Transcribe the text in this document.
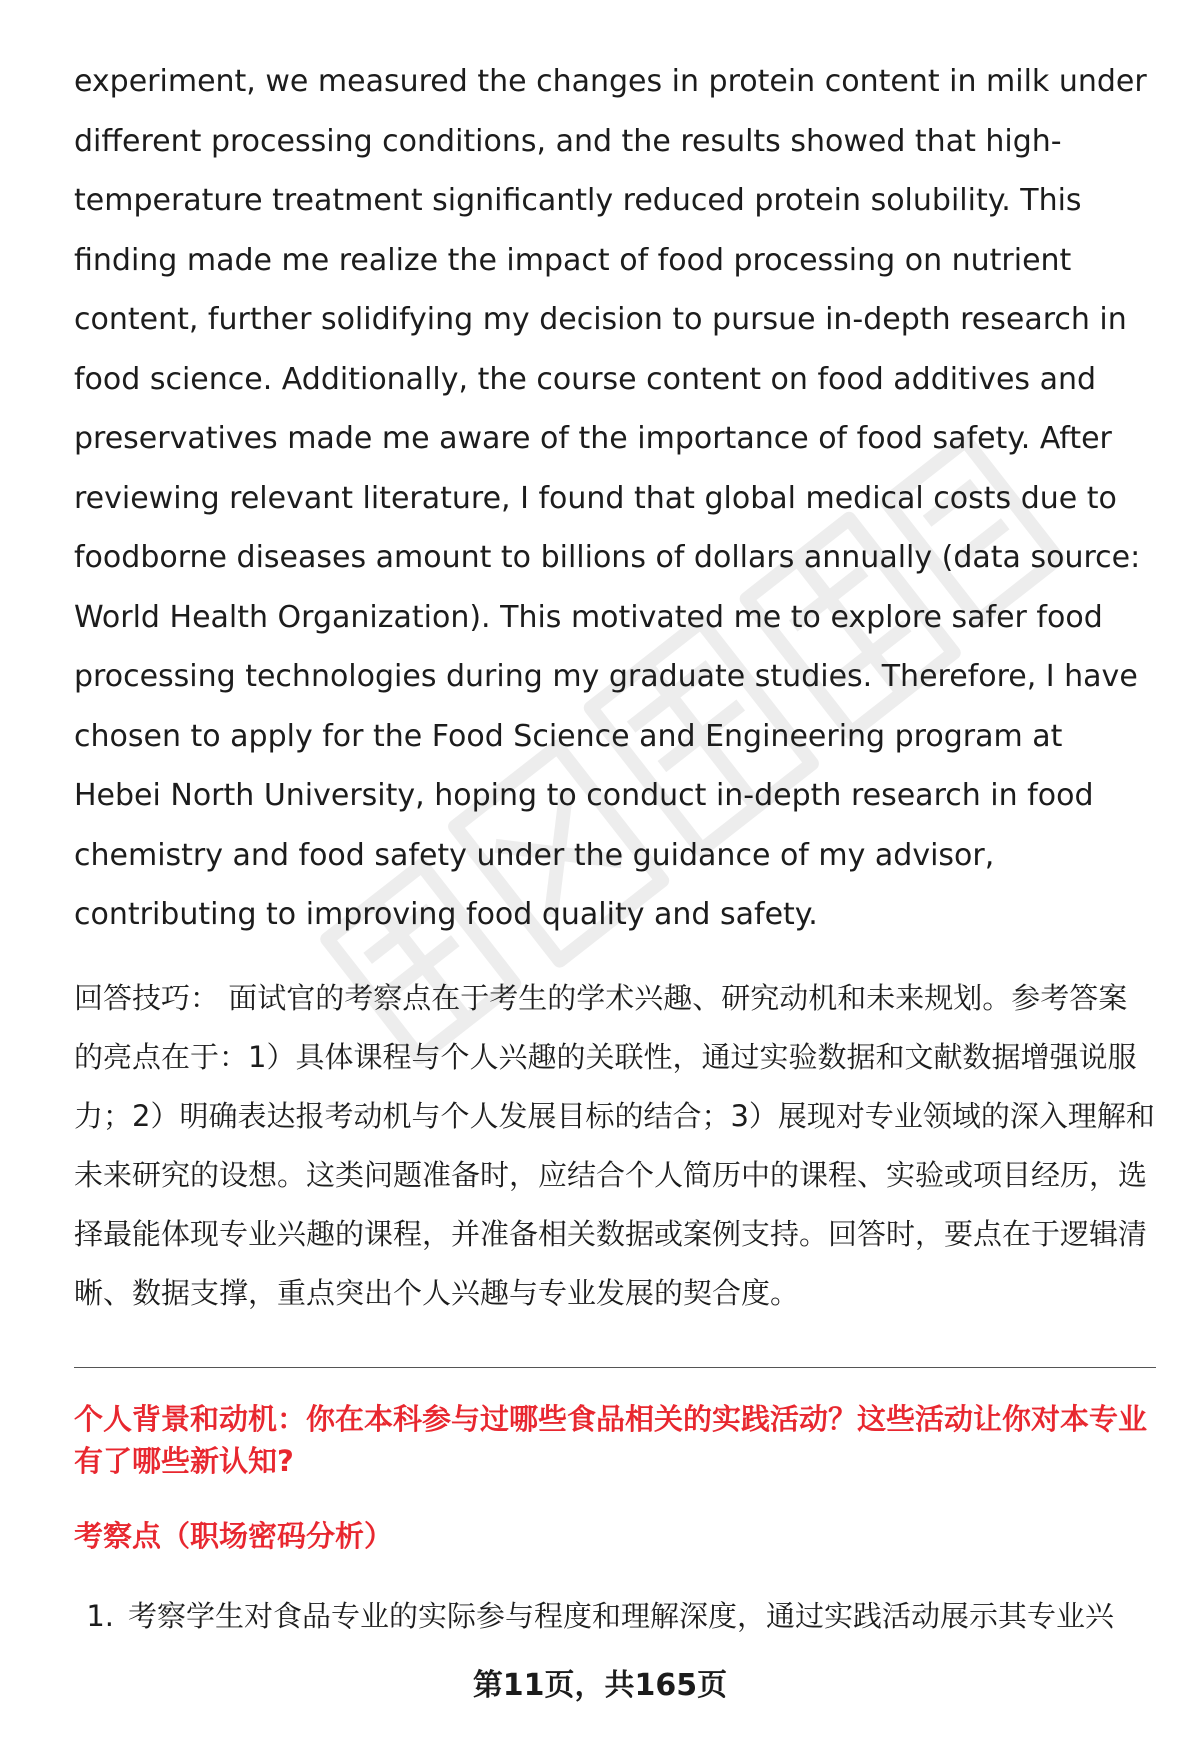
experiment, we measured the changes in protein content in milk under different processing conditions, and the results showed that high-temperature treatment significantly reduced protein solubility. This finding made me realize the impact of food processing on nutrient content, further solidifying my decision to pursue in-depth research in food science. Additionally, the course content on food additives and preservatives made me aware of the importance of food safety. After reviewing relevant literature, I found that global medical costs due to foodborne diseases amount to billions of dollars annually (data source: World Health Organization). This motivated me to explore safer food processing technologies during my graduate studies. Therefore, I have chosen to apply for the Food Science and Engineering program at Hebei North University, hoping to conduct in-depth research in food chemistry and food safety under the guidance of my advisor, contributing to improving food quality and safety.

回答技巧： 面试官的考察点在于考生的学术兴趣、研究动机和未来规划。参考答案的亮点在于：1）具体课程与个人兴趣的关联性，通过实验数据和文献数据增强说服力；2）明确表达报考动机与个人发展目标的结合；3）展现对专业领域的深入理解和未来研究的设想。这类问题准备时，应结合个人简历中的课程、实验或项目经历，选择最能体现专业兴趣的课程，并准备相关数据或案例支持。回答时，要点在于逻辑清晰、数据支撑，重点突出个人兴趣与专业发展的契合度。

个人背景和动机：你在本科参与过哪些食品相关的实践活动？这些活动让你对本专业有了哪些新认知?

考察点（职场密码分析）

1. 考察学生对食品专业的实际参与程度和理解深度，通过实践活动展示其专业兴
第11页，共165页
